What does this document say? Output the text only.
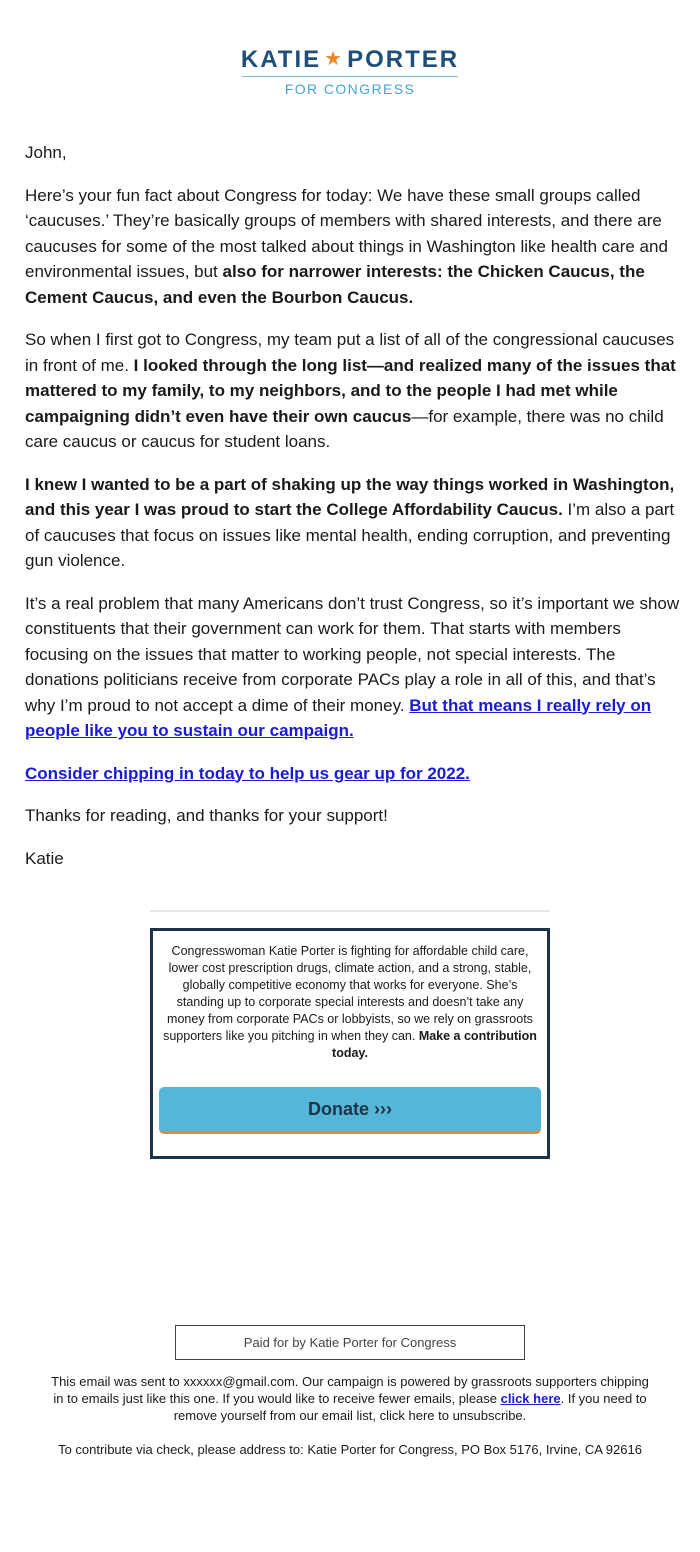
KATIE ★ PORTER
FOR CONGRESS

John,

Here’s your fun fact about Congress for today: We have these small groups called ‘caucuses.’ They’re basically groups of members with shared interests, and there are caucuses for some of the most talked about things in Washington like health care and environmental issues, but also for narrower interests: the Chicken Caucus, the Cement Caucus, and even the Bourbon Caucus.

So when I first got to Congress, my team put a list of all of the congressional caucuses in front of me. I looked through the long list—and realized many of the issues that mattered to my family, to my neighbors, and to the people I had met while campaigning didn’t even have their own caucus—for example, there was no child care caucus or caucus for student loans.

I knew I wanted to be a part of shaking up the way things worked in Washington, and this year I was proud to start the College Affordability Caucus. I’m also a part of caucuses that focus on issues like mental health, ending corruption, and preventing gun violence.

It’s a real problem that many Americans don’t trust Congress, so it’s important we show constituents that their government can work for them. That starts with members focusing on the issues that matter to working people, not special interests. The donations politicians receive from corporate PACs play a role in all of this, and that’s why I’m proud to not accept a dime of their money. But that means I really rely on people like you to sustain our campaign.

Consider chipping in today to help us gear up for 2022.

Thanks for reading, and thanks for your support!

Katie

Congresswoman Katie Porter is fighting for affordable child care, lower cost prescription drugs, climate action, and a strong, stable, globally competitive economy that works for everyone. She’s standing up to corporate special interests and doesn’t take any money from corporate PACs or lobbyists, so we rely on grassroots supporters like you pitching in when they can. Make a contribution today.
Donate ›››
Paid for by Katie Porter for Congress

This email was sent to xxxxxx@gmail.com. Our campaign is powered by grassroots supporters chipping in to emails just like this one. If you would like to receive fewer emails, please click here. If you need to remove yourself from our email list, click here to unsubscribe.

To contribute via check, please address to: Katie Porter for Congress, PO Box 5176, Irvine, CA 92616
